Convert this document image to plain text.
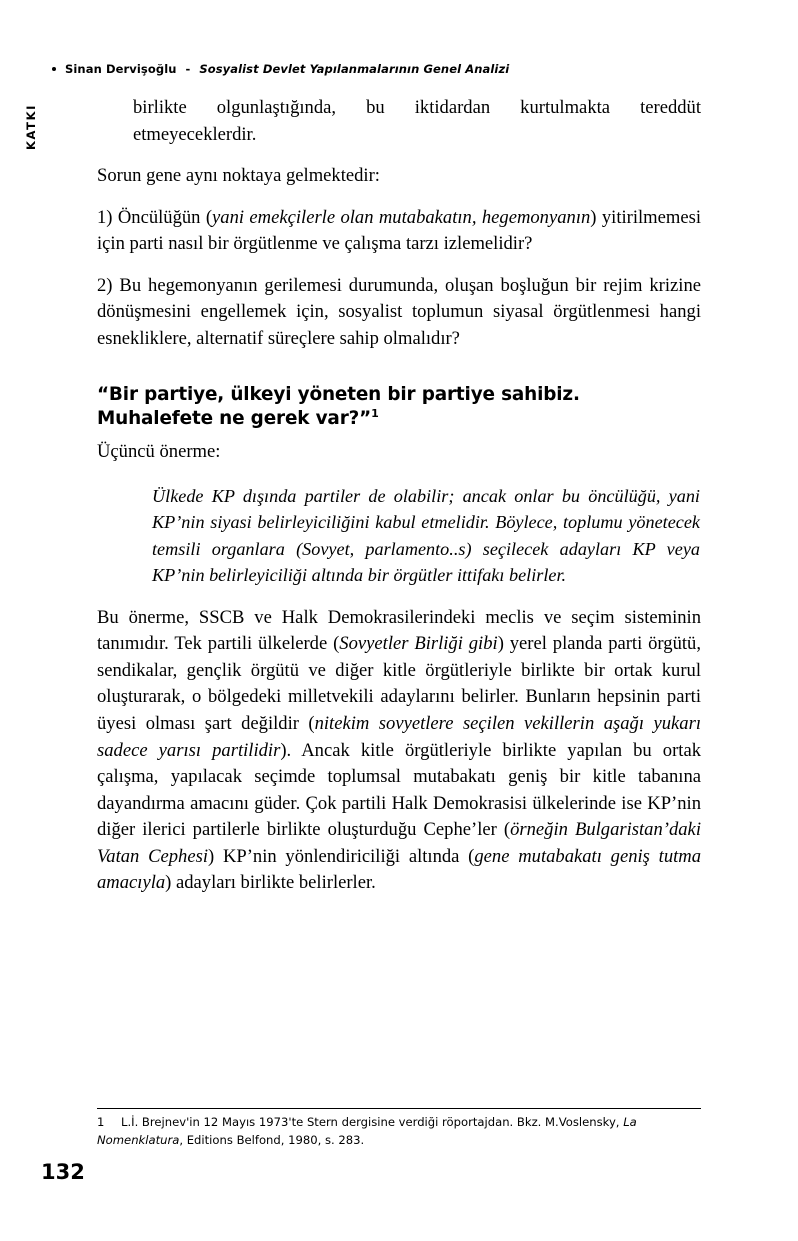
Sinan Dervişoğlu - Sosyalist Devlet Yapılanmalarının Genel Analizi
KATKI	birlikte olgunlaştığında, bu iktidardan kurtulmakta tereddüt etmeyeceklerdir.

Sorun gene aynı noktaya gelmektedir:

1) Öncülüğün (yani emekçilerle olan mutabakatın, hegemonyanın) yitirilmemesi için parti nasıl bir örgütlenme ve çalışma tarzı izlemelidir?

2) Bu hegemonyanın gerilemesi durumunda, oluşan boşluğun bir rejim krizine dönüşmesini engellemek için, sosyalist toplumun siyasal örgütlenmesi hangi esnekliklere, alternatif süreçlere sahip olmalıdır?

“Bir partiye, ülkeyi yöneten bir partiye sahibiz. Muhalefete ne gerek var?”$^1$

Üçüncü önerme:

Ülkede KP dışında partiler de olabilir; ancak onlar bu öncülüğü, yani KP’nin siyasi belirleyiciliğini kabul etmelidir. Böylece, toplumu yönetecek temsili organlara (Sovyet, parlamento..s) seçilecek adayları KP veya KP’nin belirleyiciliği altında bir örgütler ittifakı belirler.

Bu önerme, SSCB ve Halk Demokrasilerindeki meclis ve seçim sisteminin tanımıdır. Tek partili ülkelerde (Sovyetler Birliği gibi) yerel planda parti örgütü, sendikalar, gençlik örgütü ve diğer kitle örgütleriyle birlikte bir ortak kurul oluşturarak, o bölgedeki milletvekili adaylarını belirler. Bunların hepsinin parti üyesi olması şart değildir (nitekim sovyetlere seçilen vekillerin aşağı yukarı sadece yarısı partilidir). Ancak kitle örgütleriyle birlikte yapılan bu ortak çalışma, yapılacak seçimde toplumsal mutabakatı geniş bir kitle tabanına dayandırma amacını güder. Çok partili Halk Demokrasisi ülkelerinde ise KP’nin diğer ilerici partilerle birlikte oluşturduğu Cephe’ler (örneğin Bulgaristan’daki Vatan Cephesi) KP’nin yönlendiriciliği altında (gene mutabakatı geniş tutma amacıyla) adayları birlikte belirlerler.

1 L.İ. Brejnev'in 12 Mayıs 1973'te Stern dergisine verdiği röportajdan. Bkz. M.Voslensky, La Nomenklatura, Editions Belfond, 1980, s. 283.
132
